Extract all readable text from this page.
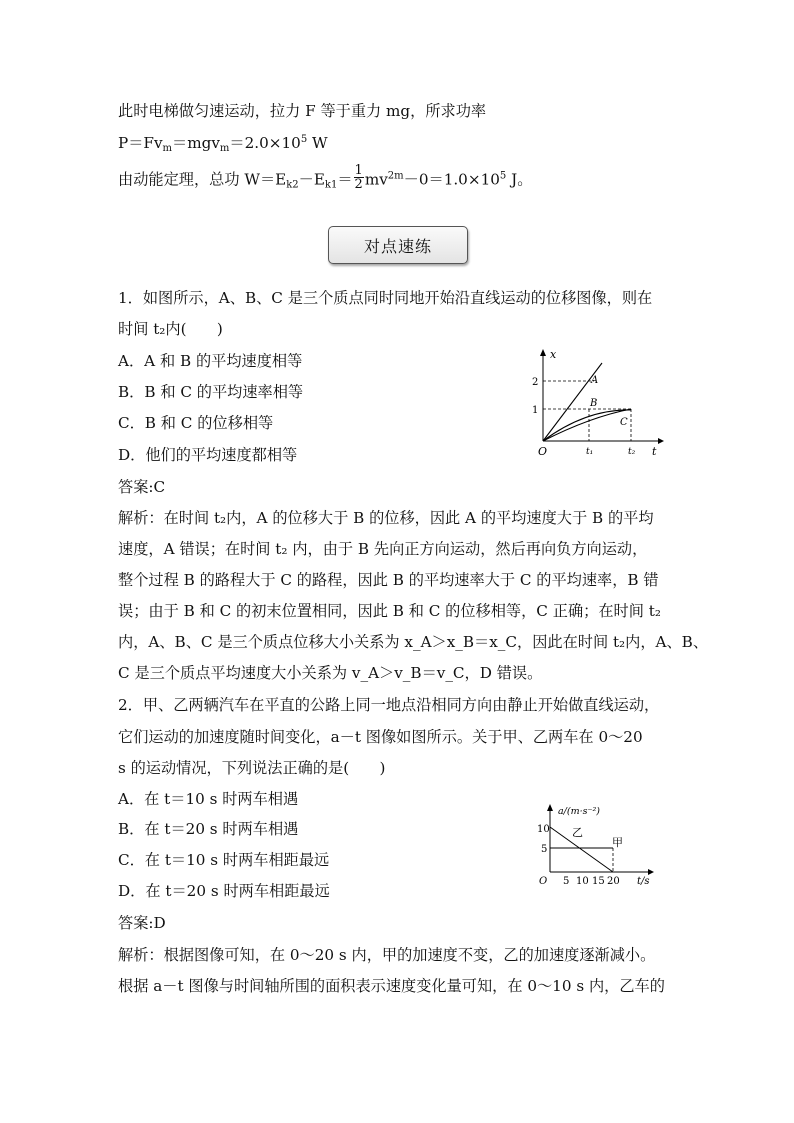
此时电梯做匀速运动，拉力 F 等于重力 mg，所求功率
$P=Fv_m=mgv_m=2.0\times 10^5$ W
由动能定理，总功 $W=E_{k2}-E_{k1}= \frac{1}{2} mv^{2m}-0=1.0\times 10^5$ J。
对点速练
1．如图所示，A、B、C 是三个质点同时同地开始沿直线运动的位移图像，则在
时间 t₂内(　　)
A．A 和 B 的平均速度相等
B．B 和 C 的平均速率相等
C．B 和 C 的位移相等
D．他们的平均速度都相等
答案:C
解析：在时间 t₂内，A 的位移大于 B 的位移，因此 A 的平均速度大于 B 的平均
速度，A 错误；在时间 t₂ 内，由于 B 先向正方向运动，然后再向负方向运动，
整个过程 B 的路程大于 C 的路程，因此 B 的平均速率大于 C 的平均速率，B 错
误；由于 B 和 C 的初末位置相同，因此 B 和 C 的位移相等，C 正确；在时间 t₂
内，A、B、C 是三个质点位移大小关系为 x_A＞x_B＝x_C，因此在时间 t₂内，A、B、
C 是三个质点平均速度大小关系为 v_A＞v_B＝v_C，D 错误。
x
t
O
2
1
t₁	t₂
A
B
C
2．甲、乙两辆汽车在平直的公路上同一地点沿相同方向由静止开始做直线运动，
它们运动的加速度随时间变化，a－t 图像如图所示。关于甲、乙两车在 0～20
s 的运动情况，下列说法正确的是(　　)
A．在 t＝10 s 时两车相遇
B．在 t＝20 s 时两车相遇
C．在 t＝10 s 时两车相距最远
D．在 t＝20 s 时两车相距最远
答案:D
解析：根据图像可知，在 0～20 s 内，甲的加速度不变，乙的加速度逐渐减小。
根据 a－t 图像与时间轴所围的面积表示速度变化量可知，在 0～10 s 内，乙车的
a/(m·s⁻²)
t/s
O
10
5
5 10 15 20
乙
甲
